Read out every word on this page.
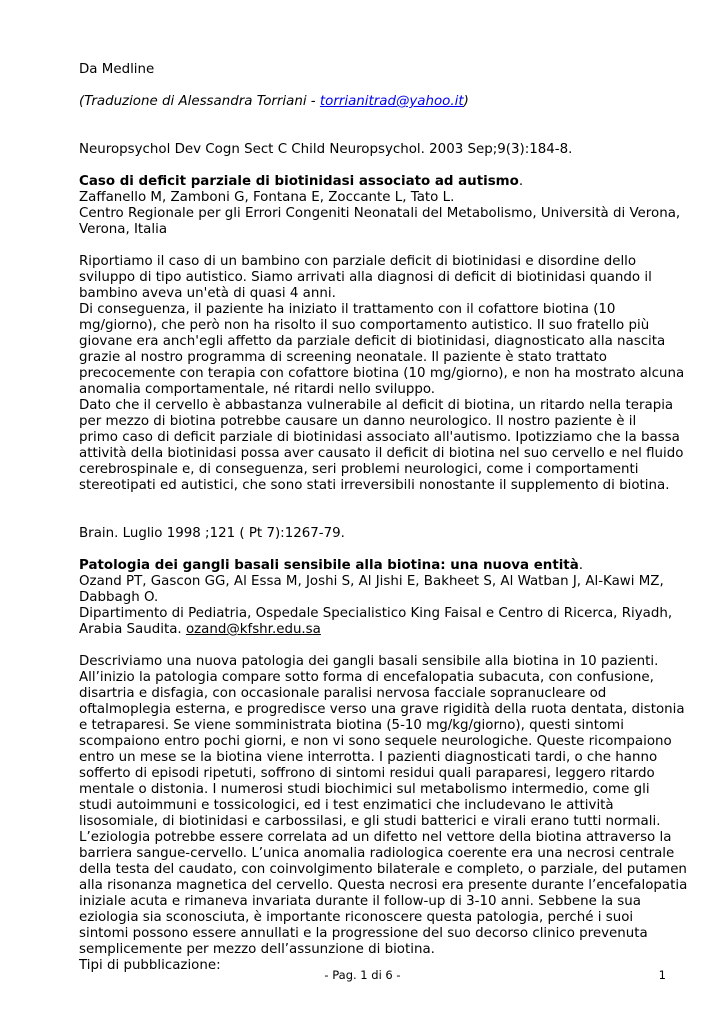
Da Medline
(Traduzione di Alessandra Torriani - torrianitrad@yahoo.it)
Neuropsychol Dev Cogn Sect C Child Neuropsychol. 2003 Sep;9(3):184-8.
Caso di deficit parziale di biotinidasi associato ad autismo.
Zaffanello M, Zamboni G, Fontana E, Zoccante L, Tato L.
Centro Regionale per gli Errori Congeniti Neonatali del Metabolismo, Università di Verona,
Verona, Italia
Riportiamo il caso di un bambino con parziale deficit di biotinidasi e disordine dello
sviluppo di tipo autistico. Siamo arrivati alla diagnosi di deficit di biotinidasi quando il
bambino aveva un'età di quasi 4 anni.
Di conseguenza, il paziente ha iniziato il trattamento con il cofattore biotina (10
mg/giorno), che però non ha risolto il suo comportamento autistico. Il suo fratello più
giovane era anch'egli affetto da parziale deficit di biotinidasi, diagnosticato alla nascita
grazie al nostro programma di screening neonatale. Il paziente è stato trattato
precocemente con terapia con cofattore biotina (10 mg/giorno), e non ha mostrato alcuna
anomalia comportamentale, né ritardi nello sviluppo.
Dato che il cervello è abbastanza vulnerabile al deficit di biotina, un ritardo nella terapia
per mezzo di biotina potrebbe causare un danno neurologico. Il nostro paziente è il
primo caso di deficit parziale di biotinidasi associato all'autismo. Ipotizziamo che la bassa
attività della biotinidasi possa aver causato il deficit di biotina nel suo cervello e nel fluido
cerebrospinale e, di conseguenza, seri problemi neurologici, come i comportamenti
stereotipati ed autistici, che sono stati irreversibili nonostante il supplemento di biotina.
Brain. Luglio 1998 ;121 ( Pt 7):1267-79.
Patologia dei gangli basali sensibile alla biotina: una nuova entità.
Ozand PT, Gascon GG, Al Essa M, Joshi S, Al Jishi E, Bakheet S, Al Watban J, Al-Kawi MZ,
Dabbagh O.
Dipartimento di Pediatria, Ospedale Specialistico King Faisal e Centro di Ricerca, Riyadh,
Arabia Saudita. ozand@kfshr.edu.sa
Descriviamo una nuova patologia dei gangli basali sensibile alla biotina in 10 pazienti.
All’inizio la patologia compare sotto forma di encefalopatia subacuta, con confusione,
disartria e disfagia, con occasionale paralisi nervosa facciale sopranucleare od
oftalmoplegia esterna, e progredisce verso una grave rigidità della ruota dentata, distonia
e tetraparesi. Se viene somministrata biotina (5-10 mg/kg/giorno), questi sintomi
scompaiono entro pochi giorni, e non vi sono sequele neurologiche. Queste ricompaiono
entro un mese se la biotina viene interrotta. I pazienti diagnosticati tardi, o che hanno
sofferto di episodi ripetuti, soffrono di sintomi residui quali paraparesi, leggero ritardo
mentale o distonia. I numerosi studi biochimici sul metabolismo intermedio, come gli
studi autoimmuni e tossicologici, ed i test enzimatici che includevano le attività
lisosomiale, di biotinidasi e carbossilasi, e gli studi batterici e virali erano tutti normali.
L’eziologia potrebbe essere correlata ad un difetto nel vettore della biotina attraverso la
barriera sangue-cervello. L’unica anomalia radiologica coerente era una necrosi centrale
della testa del caudato, con coinvolgimento bilaterale e completo, o parziale, del putamen
alla risonanza magnetica del cervello. Questa necrosi era presente durante l’encefalopatia
iniziale acuta e rimaneva invariata durante il follow-up di 3-10 anni. Sebbene la sua
eziologia sia sconosciuta, è importante riconoscere questa patologia, perché i suoi
sintomi possono essere annullati e la progressione del suo decorso clinico prevenuta
semplicemente per mezzo dell’assunzione di biotina.
Tipi di pubblicazione:
- Pag. 1 di 6 -	1
